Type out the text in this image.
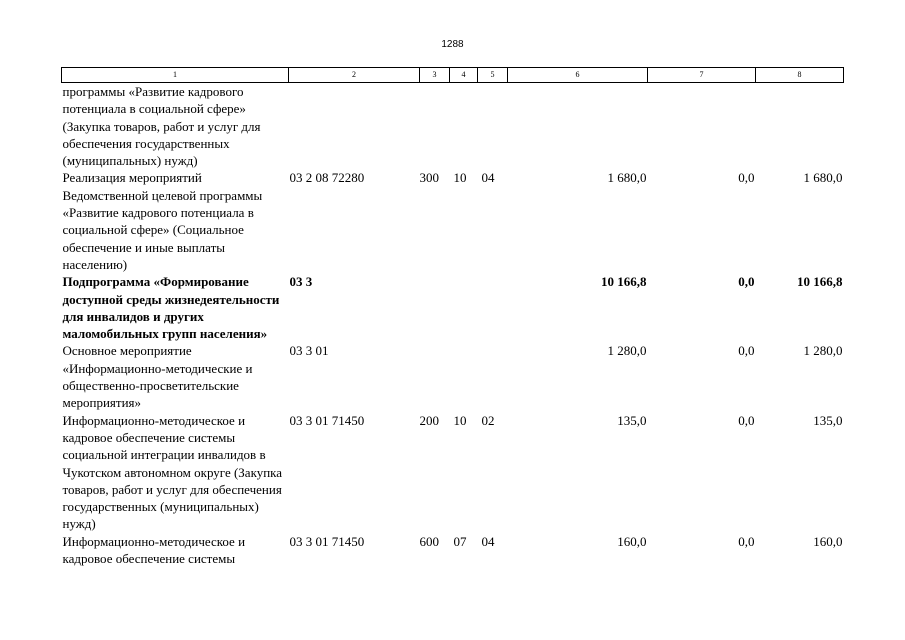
1288
1	2	3	4	5	6	7	8
программы «Развитие кадрового потенциала в социальной сфере» (Закупка товаров, работ и услуг для обеспечения государственных (муниципальных) нужд)							
Реализация мероприятий Ведомственной целевой программы «Развитие кадрового потенциала в социальной сфере» (Социальное обеспечение и иные выплаты населению)	03 2 08 72280	300	10	04	1 680,0	0,0	1 680,0
Подпрограмма «Формирование доступной среды жизнедеятельности для инвалидов и других маломобильных групп населения»	03 3				10 166,8	0,0	10 166,8
Основное мероприятие «Информационно-методические и общественно-просветительские мероприятия»	03 3 01				1 280,0	0,0	1 280,0
Информационно-методическое и кадровое обеспечение системы социальной интеграции инвалидов в Чукотском автономном округе (Закупка товаров, работ и услуг для обеспечения государственных (муниципальных) нужд)	03 3 01 71450	200	10	02	135,0	0,0	135,0
Информационно-методическое и кадровое обеспечение системы	03 3 01 71450	600	07	04	160,0	0,0	160,0
